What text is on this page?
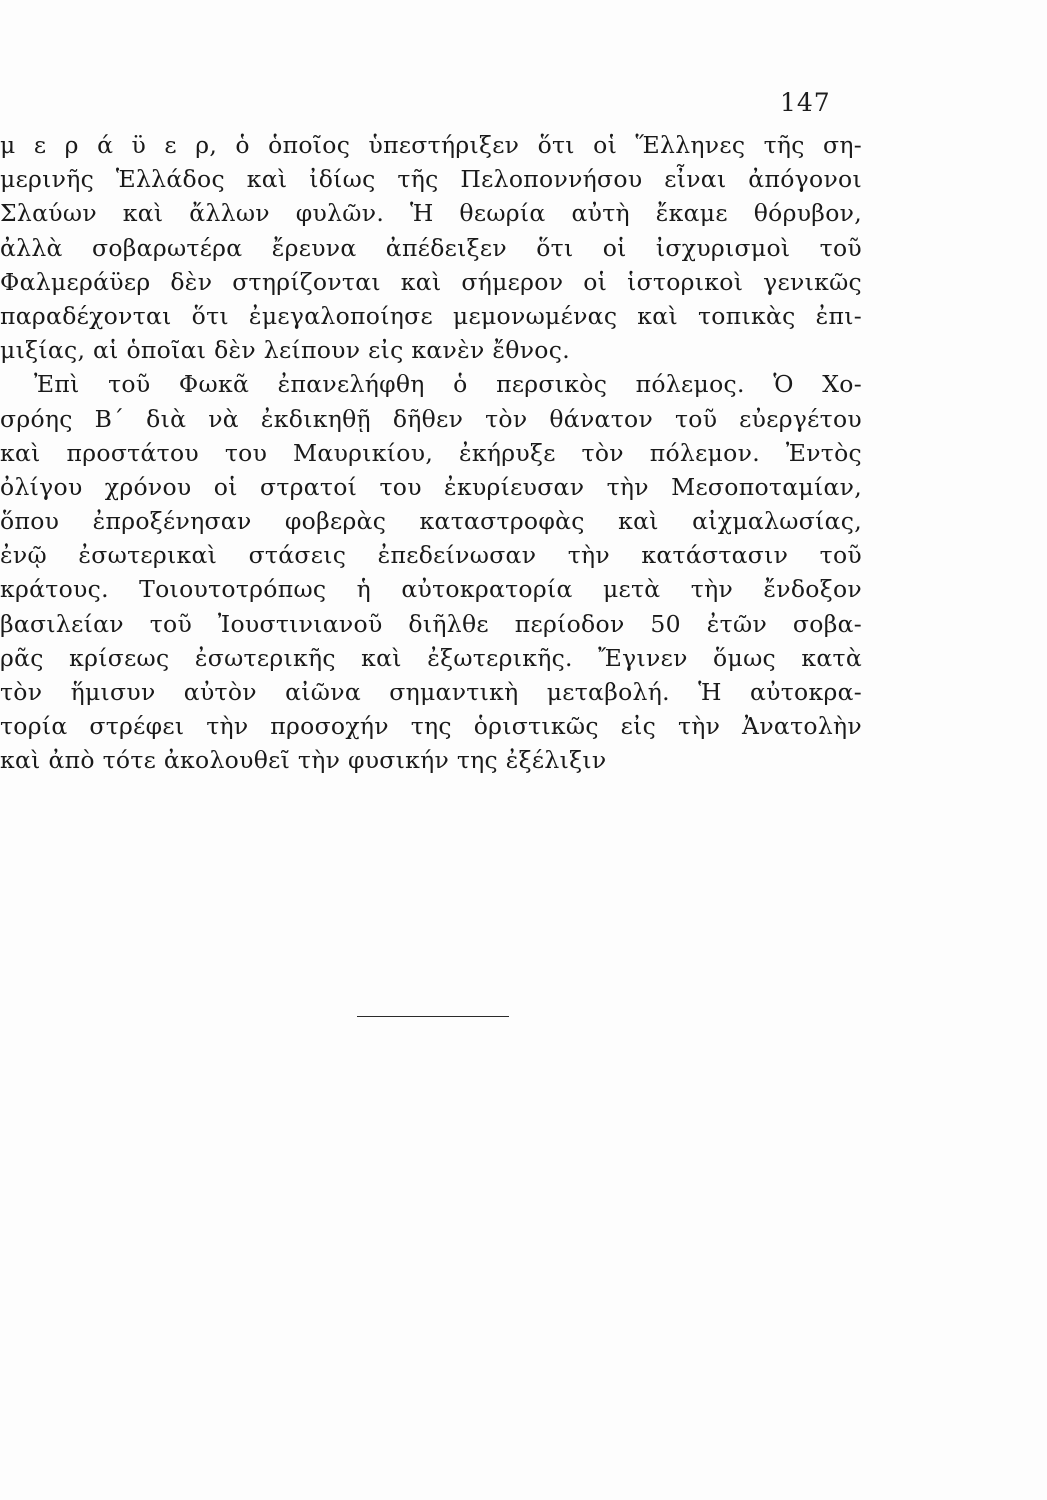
147
μ ε ρ ά ϋ ε ρ, ὁ ὁποῖος ὑπεστήριξεν ὅτι οἱ Ἕλληνες τῆς ση-
μερινῆς Ἑλλάδος καὶ ἰδίως τῆς Πελοποννήσου εἶναι ἀπόγονοι
Σλαύων καὶ ἄλλων φυλῶν. Ἡ θεωρία αὐτὴ ἔκαμε θόρυβον,
ἀλλὰ σοβαρωτέρα ἔρευνα ἀπέδειξεν ὅτι οἱ ἰσχυρισμοὶ τοῦ
Φαλμεράϋερ δὲν στηρίζονται καὶ σήμερον οἱ ἱστορικοὶ γενικῶς
παραδέχονται ὅτι ἐμεγαλοποίησε μεμονωμένας καὶ τοπικὰς ἐπι-
μιξίας, αἱ ὁποῖαι δὲν λείπουν εἰς κανὲν ἔθνος.
Ἐπὶ τοῦ Φωκᾶ ἐπανελήφθη ὁ περσικὸς πόλεμος. Ὁ Χο-
σρόης Β΄ διὰ νὰ ἐκδικηθῇ δῆθεν τὸν θάνατον τοῦ εὐεργέτου
καὶ προστάτου του Μαυρικίου, ἐκήρυξε τὸν πόλεμον. Ἐντὸς
ὀλίγου χρόνου οἱ στρατοί του ἐκυρίευσαν τὴν Μεσοποταμίαν,
ὅπου ἐπροξένησαν φοβερὰς καταστροφὰς καὶ αἰχμαλωσίας,
ἐνῷ ἐσωτερικαὶ στάσεις ἐπεδείνωσαν τὴν κατάστασιν τοῦ
κράτους. Τοιουτοτρόπως ἡ αὐτοκρατορία μετὰ τὴν ἔνδοξον
βασιλείαν τοῦ Ἰουστινιανοῦ διῆλθε περίοδον 50 ἐτῶν σοβα-
ρᾶς κρίσεως ἐσωτερικῆς καὶ ἐξωτερικῆς. Ἔγινεν ὅμως κατὰ
τὸν ἥμισυν αὐτὸν αἰῶνα σημαντικὴ μεταβολή. Ἡ αὐτοκρα-
τορία στρέφει τὴν προσοχήν της ὁριστικῶς εἰς τὴν Ἀνατολὴν
καὶ ἀπὸ τότε ἀκολουθεῖ τὴν φυσικήν της ἐξέλιξιν
